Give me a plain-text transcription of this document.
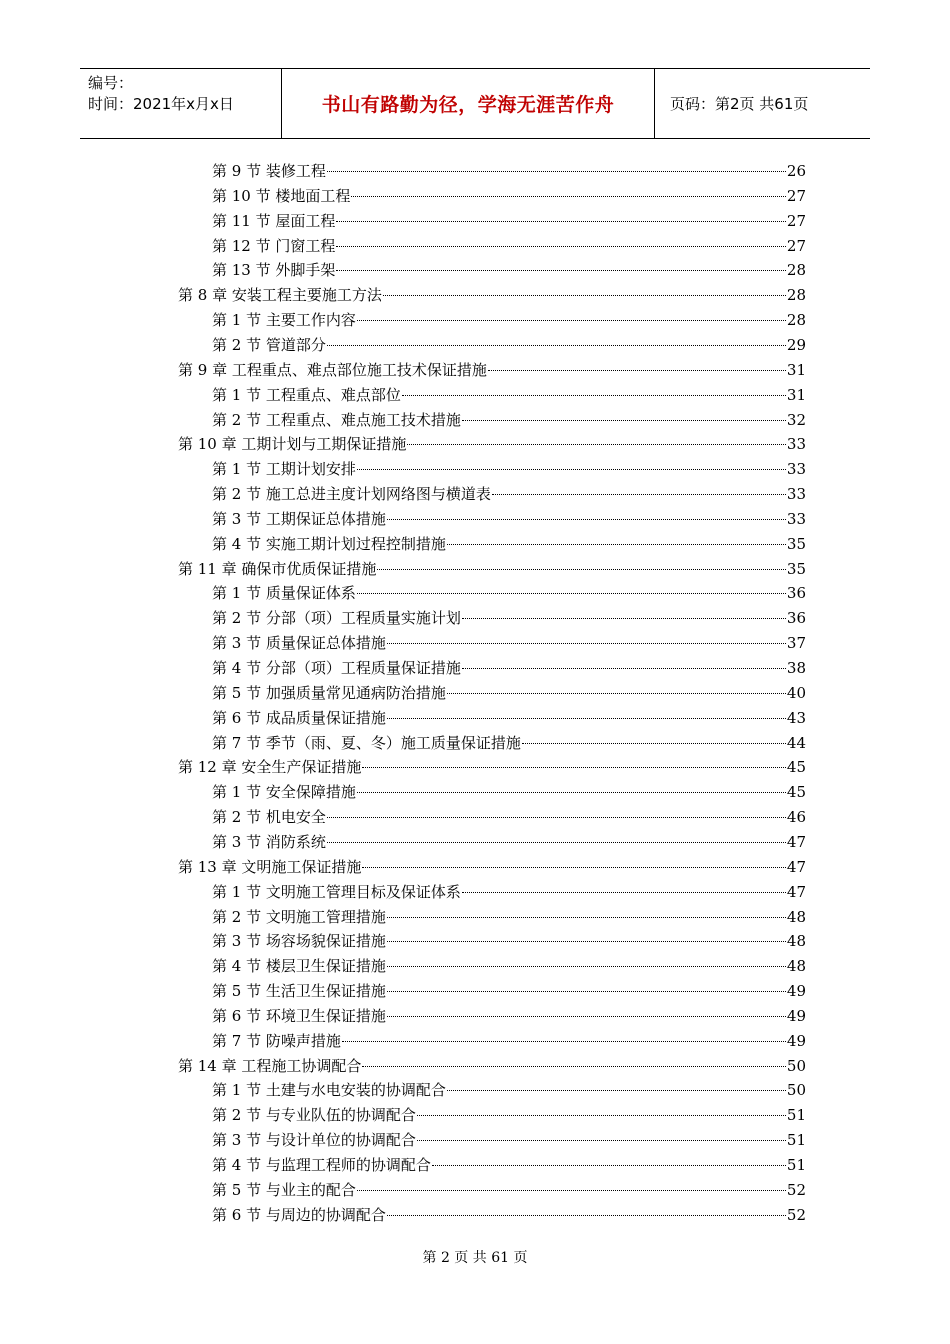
编号：
时间：2021年x月x日	书山有路勤为径，学海无涯苦作舟	页码：第2页 共61页
第 9 节 装修工程	26
第 10 节 楼地面工程	27
第 11 节 屋面工程	27
第 12 节 门窗工程	27
第 13 节 外脚手架	28
第 8 章 安装工程主要施工方法	28
第 1 节 主要工作内容	28
第 2 节 管道部分	29
第 9 章 工程重点、难点部位施工技术保证措施	31
第 1 节 工程重点、难点部位	31
第 2 节 工程重点、难点施工技术措施	32
第 10 章 工期计划与工期保证措施	33
第 1 节 工期计划安排	33
第 2 节 施工总进主度计划网络图与横道表	33
第 3 节 工期保证总体措施	33
第 4 节 实施工期计划过程控制措施	35
第 11 章 确保市优质保证措施	35
第 1 节 质量保证体系	36
第 2 节 分部（项）工程质量实施计划	36
第 3 节 质量保证总体措施	37
第 4 节 分部（项）工程质量保证措施	38
第 5 节 加强质量常见通病防治措施	40
第 6 节 成品质量保证措施	43
第 7 节 季节（雨、夏、冬）施工质量保证措施	44
第 12 章 安全生产保证措施	45
第 1 节 安全保障措施	45
第 2 节 机电安全	46
第 3 节 消防系统	47
第 13 章 文明施工保证措施	47
第 1 节 文明施工管理目标及保证体系	47
第 2 节 文明施工管理措施	48
第 3 节 场容场貌保证措施	48
第 4 节 楼层卫生保证措施	48
第 5 节 生活卫生保证措施	49
第 6 节 环境卫生保证措施	49
第 7 节 防噪声措施	49
第 14 章 工程施工协调配合	50
第 1 节 土建与水电安装的协调配合	50
第 2 节 与专业队伍的协调配合	51
第 3 节 与设计单位的协调配合	51
第 4 节 与监理工程师的协调配合	51
第 5 节 与业主的配合	52
第 6 节 与周边的协调配合	52
第 2 页 共 61 页
